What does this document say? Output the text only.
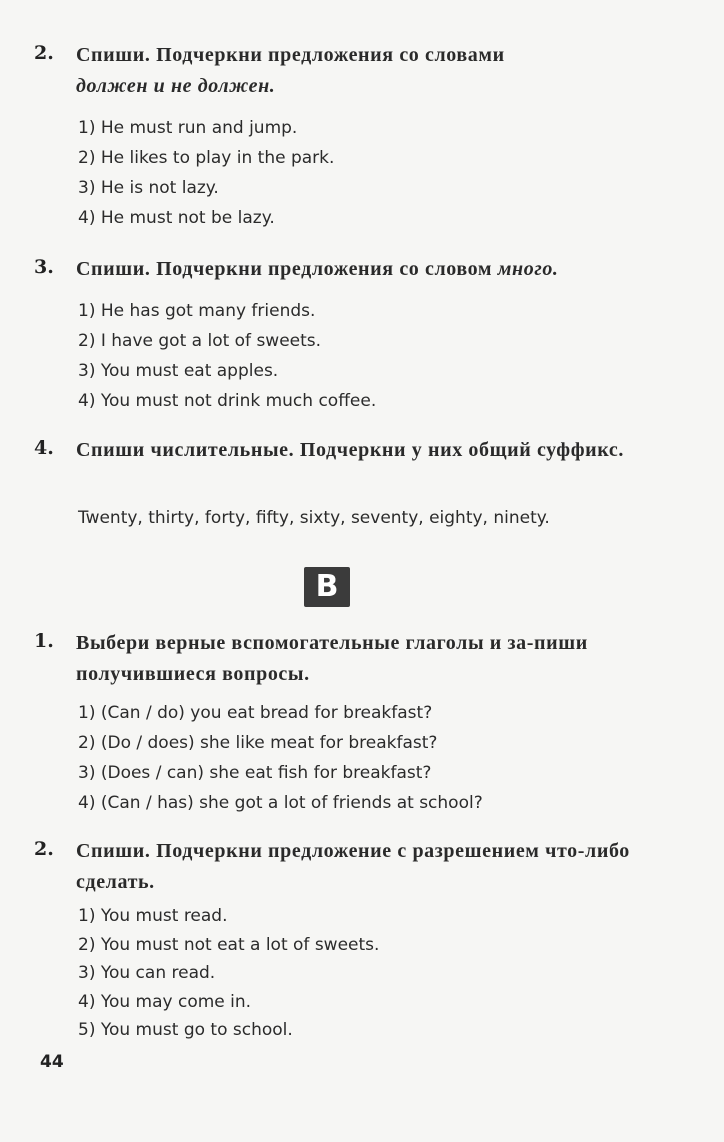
2. Спиши. Подчеркни предложения со словами
должен и не должен.
1) He must run and jump.
2) He likes to play in the park.
3) He is not lazy.
4) He must not be lazy.
3. Спиши. Подчеркни предложения со словом много.
1) He has got many friends.
2) I have got a lot of sweets.
3) You must eat apples.
4) You must not drink much coffee.
4. Спиши числительные. Подчеркни у них общий суффикс.
Twenty, thirty, forty, fifty, sixty, seventy, eighty, ninety.
B
1. Выбери верные вспомогательные глаголы и за-пиши получившиеся вопросы.
1) (Can / do) you eat bread for breakfast?
2) (Do / does) she like meat for breakfast?
3) (Does / can) she eat fish for breakfast?
4) (Can / has) she got a lot of friends at school?
2. Спиши. Подчеркни предложение с разрешением что-либо сделать.
1) You must read.
2) You must not eat a lot of sweets.
3) You can read.
4) You may come in.
5) You must go to school.
44
